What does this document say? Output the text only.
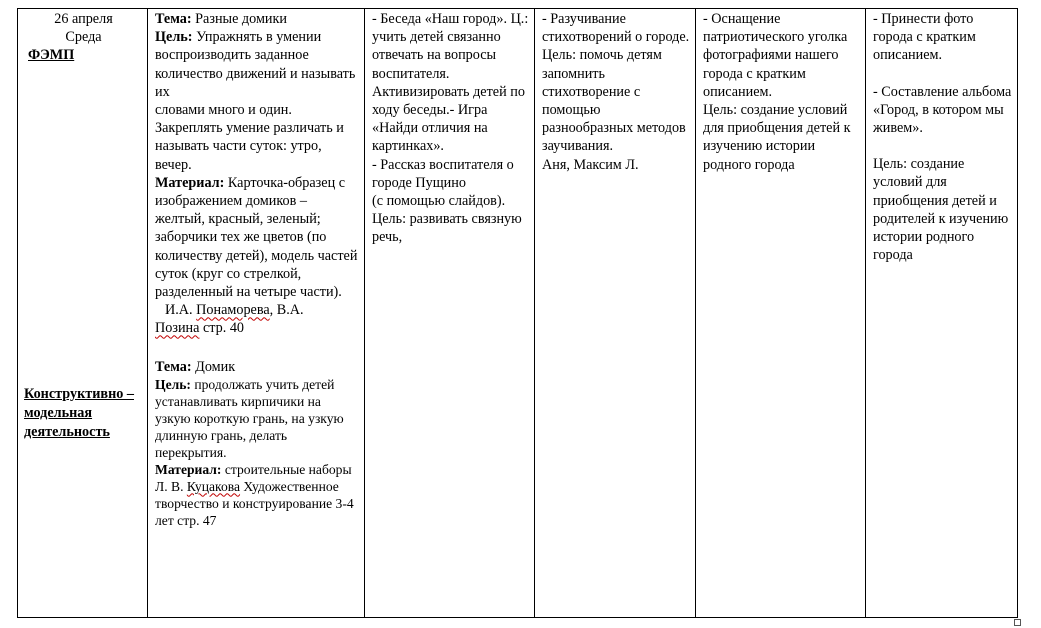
26 апреля
Среда
ФЭМП
Конструктивно – модельная деятельность

Тема: Разные домики
Цель: Упражнять в умении воспроизводить заданное количество движений и называть их
словами много и один.
Закреплять умение различать и называть части суток: утро, вечер.
Материал: Карточка-образец с изображением домиков – желтый, красный, зеленый; заборчики тех же цветов (по количеству детей), модель частей суток (круг со стрелкой, разделенный на четыре части).
И.А. Понаморева, В.А.
Позина стр. 40
Тема: Домик
Цель: продолжать учить детей устанавливать кирпичики на узкую короткую грань, на узкую длинную грань, делать перекрытия.
Материал: строительные наборы
Л. В. Куцакова Художественное творчество и конструирование 3-4 лет стр. 47

- Беседа «Наш город». Ц.: учить детей связанно отвечать на вопросы воспитателя. Активизировать детей по ходу беседы.- Игра «Найди отличия на картинках».
- Рассказ воспитателя о городе Пущино
(с помощью слайдов).
Цель: развивать связную речь,

- Разучивание стихотворений о городе.
Цель: помочь детям запомнить стихотворение с помощью разнообразных методов заучивания.
Аня, Максим Л.

- Оснащение патриотического уголка фотографиями нашего города с кратким описанием.
Цель: создание условий для приобщения детей к изучению истории родного города

- Принести фото города с кратким описанием.
- Составление альбома «Город, в котором мы живем».
Цель: создание условий для приобщения детей и родителей к изучению истории родного города
